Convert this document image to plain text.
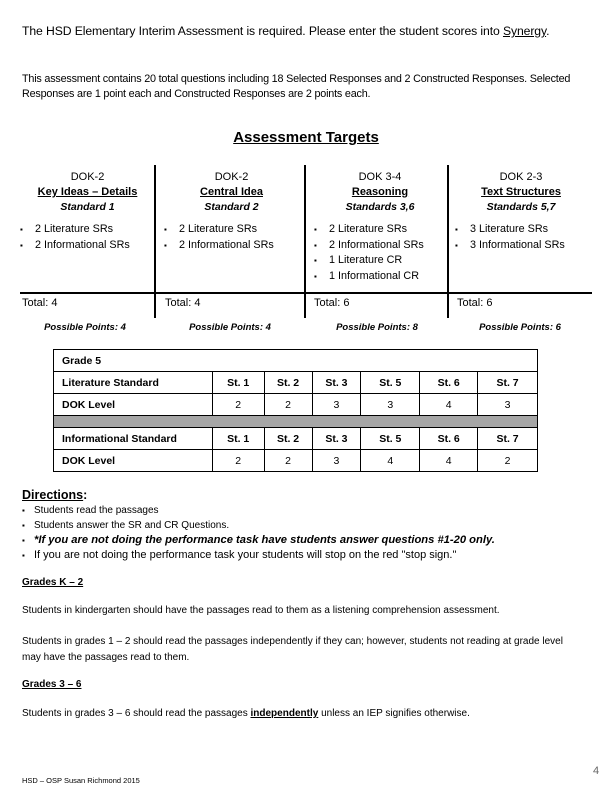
The HSD Elementary Interim Assessment is required. Please enter the student scores into Synergy.
This assessment contains 20 total questions including 18 Selected Responses and 2 Constructed Responses. Selected Responses are 1 point each and Constructed Responses are 2 points each.
Assessment Targets
DOK-2
Key Ideas – Details
Standard 1
▪ 2 Literature SRs
▪ 2 Informational SRs
DOK-2
Central Idea
Standard 2
▪ 2 Literature SRs
▪ 2 Informational SRs
DOK 3-4
Reasoning
Standards 3,6
▪ 2 Literature SRs
▪ 2 Informational SRs
▪ 1 Literature CR
▪ 1 Informational CR
DOK 2-3
Text Structures
Standards 5,7
▪ 3 Literature SRs
▪ 3 Informational SRs
Total: 4	Total: 4	Total: 6	Total: 6
Possible Points: 4	Possible Points: 4	Possible Points: 8	Possible Points: 6
Grade 5						
Literature Standard	St. 1	St. 2	St. 3	St. 5	St. 6	St. 7
DOK Level	2	2	3	3	4	3

Informational Standard	St. 1	St. 2	St. 3	St. 5	St. 6	St. 7
DOK Level	2	2	3	4	4	2
Directions:
▪ Students read the passages
▪ Students answer the SR and CR Questions.
▪ *If you are not doing the performance task have students answer questions #1-20 only.
▪ If you are not doing the performance task your students will stop on the red "stop sign."
Grades K – 2
Students in kindergarten should have the passages read to them as a listening comprehension assessment.
Students in grades 1 – 2 should read the passages independently if they can; however, students not reading at grade level may have the passages read to them.
Grades 3 – 6
Students in grades 3 – 6 should read the passages independently unless an IEP signifies otherwise.
HSD – OSP Susan Richmond 2015
4
